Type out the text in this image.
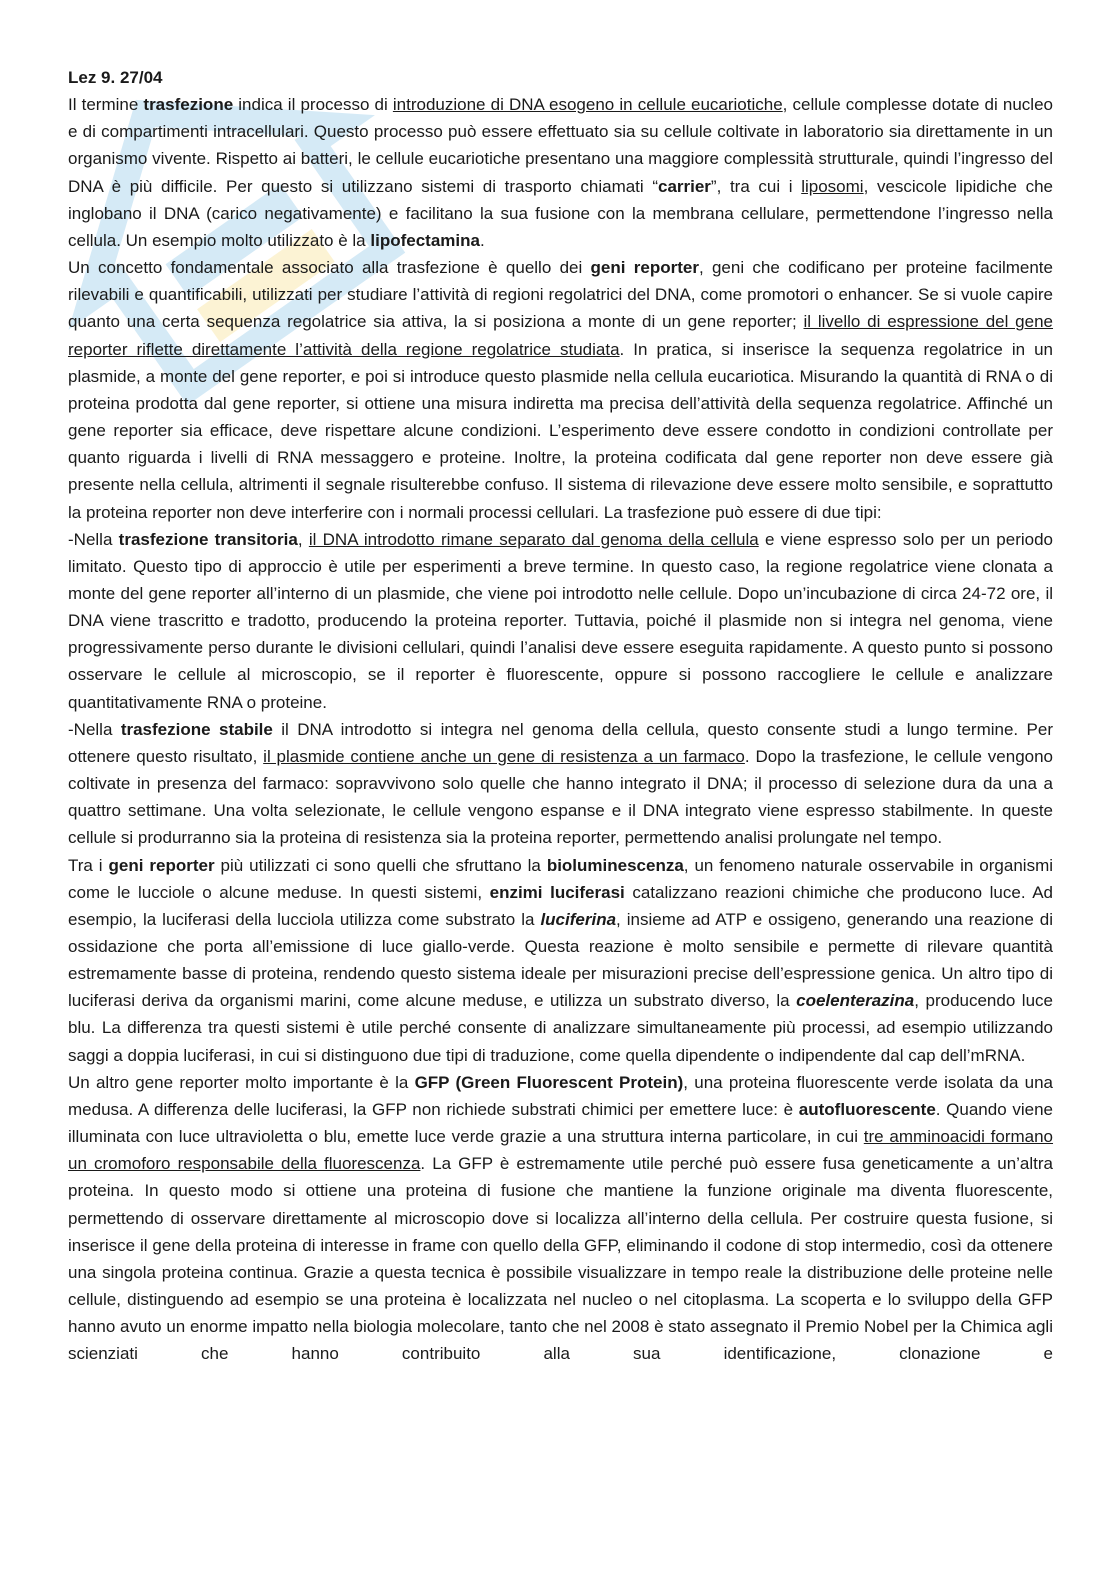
Lez 9. 27/04

Il termine trasfezione indica il processo di introduzione di DNA esogeno in cellule eucariotiche, cellule complesse dotate di nucleo e di compartimenti intracellulari. Questo processo può essere effettuato sia su cellule coltivate in laboratorio sia direttamente in un organismo vivente. Rispetto ai batteri, le cellule eucariotiche presentano una maggiore complessità strutturale, quindi l’ingresso del DNA è più difficile. Per questo si utilizzano sistemi di trasporto chiamati “carrier”, tra cui i liposomi, vescicole lipidiche che inglobano il DNA (carico negativamente) e facilitano la sua fusione con la membrana cellulare, permettendone l’ingresso nella cellula. Un esempio molto utilizzato è la lipofectamina.

Un concetto fondamentale associato alla trasfezione è quello dei geni reporter, geni che codificano per proteine facilmente rilevabili e quantificabili, utilizzati per studiare l’attività di regioni regolatrici del DNA, come promotori o enhancer. Se si vuole capire quanto una certa sequenza regolatrice sia attiva, la si posiziona a monte di un gene reporter; il livello di espressione del gene reporter riflette direttamente l’attività della regione regolatrice studiata. In pratica, si inserisce la sequenza regolatrice in un plasmide, a monte del gene reporter, e poi si introduce questo plasmide nella cellula eucariotica. Misurando la quantità di RNA o di proteina prodotta dal gene reporter, si ottiene una misura indiretta ma precisa dell’attività della sequenza regolatrice. Affinché un gene reporter sia efficace, deve rispettare alcune condizioni. L’esperimento deve essere condotto in condizioni controllate per quanto riguarda i livelli di RNA messaggero e proteine. Inoltre, la proteina codificata dal gene reporter non deve essere già presente nella cellula, altrimenti il segnale risulterebbe confuso. Il sistema di rilevazione deve essere molto sensibile, e soprattutto la proteina reporter non deve interferire con i normali processi cellulari. La trasfezione può essere di due tipi:

-Nella trasfezione transitoria, il DNA introdotto rimane separato dal genoma della cellula e viene espresso solo per un periodo limitato. Questo tipo di approccio è utile per esperimenti a breve termine. In questo caso, la regione regolatrice viene clonata a monte del gene reporter all’interno di un plasmide, che viene poi introdotto nelle cellule. Dopo un’incubazione di circa 24-72 ore, il DNA viene trascritto e tradotto, producendo la proteina reporter. Tuttavia, poiché il plasmide non si integra nel genoma, viene progressivamente perso durante le divisioni cellulari, quindi l’analisi deve essere eseguita rapidamente. A questo punto si possono osservare le cellule al microscopio, se il reporter è fluorescente, oppure si possono raccogliere le cellule e analizzare quantitativamente RNA o proteine.

-Nella trasfezione stabile il DNA introdotto si integra nel genoma della cellula, questo consente studi a lungo termine. Per ottenere questo risultato, il plasmide contiene anche un gene di resistenza a un farmaco. Dopo la trasfezione, le cellule vengono coltivate in presenza del farmaco: sopravvivono solo quelle che hanno integrato il DNA; il processo di selezione dura da una a quattro settimane. Una volta selezionate, le cellule vengono espanse e il DNA integrato viene espresso stabilmente. In queste cellule si produrranno sia la proteina di resistenza sia la proteina reporter, permettendo analisi prolungate nel tempo.

Tra i geni reporter più utilizzati ci sono quelli che sfruttano la bioluminescenza, un fenomeno naturale osservabile in organismi come le lucciole o alcune meduse. In questi sistemi, enzimi luciferasi catalizzano reazioni chimiche che producono luce. Ad esempio, la luciferasi della lucciola utilizza come substrato la luciferina, insieme ad ATP e ossigeno, generando una reazione di ossidazione che porta all’emissione di luce giallo-verde. Questa reazione è molto sensibile e permette di rilevare quantità estremamente basse di proteina, rendendo questo sistema ideale per misurazioni precise dell’espressione genica. Un altro tipo di luciferasi deriva da organismi marini, come alcune meduse, e utilizza un substrato diverso, la coelenterazina, producendo luce blu. La differenza tra questi sistemi è utile perché consente di analizzare simultaneamente più processi, ad esempio utilizzando saggi a doppia luciferasi, in cui si distinguono due tipi di traduzione, come quella dipendente o indipendente dal cap dell’mRNA.

Un altro gene reporter molto importante è la GFP (Green Fluorescent Protein), una proteina fluorescente verde isolata da una medusa. A differenza delle luciferasi, la GFP non richiede substrati chimici per emettere luce: è autofluorescente. Quando viene illuminata con luce ultravioletta o blu, emette luce verde grazie a una struttura interna particolare, in cui tre amminoacidi formano un cromoforo responsabile della fluorescenza. La GFP è estremamente utile perché può essere fusa geneticamente a un’altra proteina. In questo modo si ottiene una proteina di fusione che mantiene la funzione originale ma diventa fluorescente, permettendo di osservare direttamente al microscopio dove si localizza all’interno della cellula. Per costruire questa fusione, si inserisce il gene della proteina di interesse in frame con quello della GFP, eliminando il codone di stop intermedio, così da ottenere una singola proteina continua. Grazie a questa tecnica è possibile visualizzare in tempo reale la distribuzione delle proteine nelle cellule, distinguendo ad esempio se una proteina è localizzata nel nucleo o nel citoplasma. La scoperta e lo sviluppo della GFP hanno avuto un enorme impatto nella biologia molecolare, tanto che nel 2008 è stato assegnato il Premio Nobel per la Chimica agli scienziati che hanno contribuito alla sua identificazione, clonazione e
